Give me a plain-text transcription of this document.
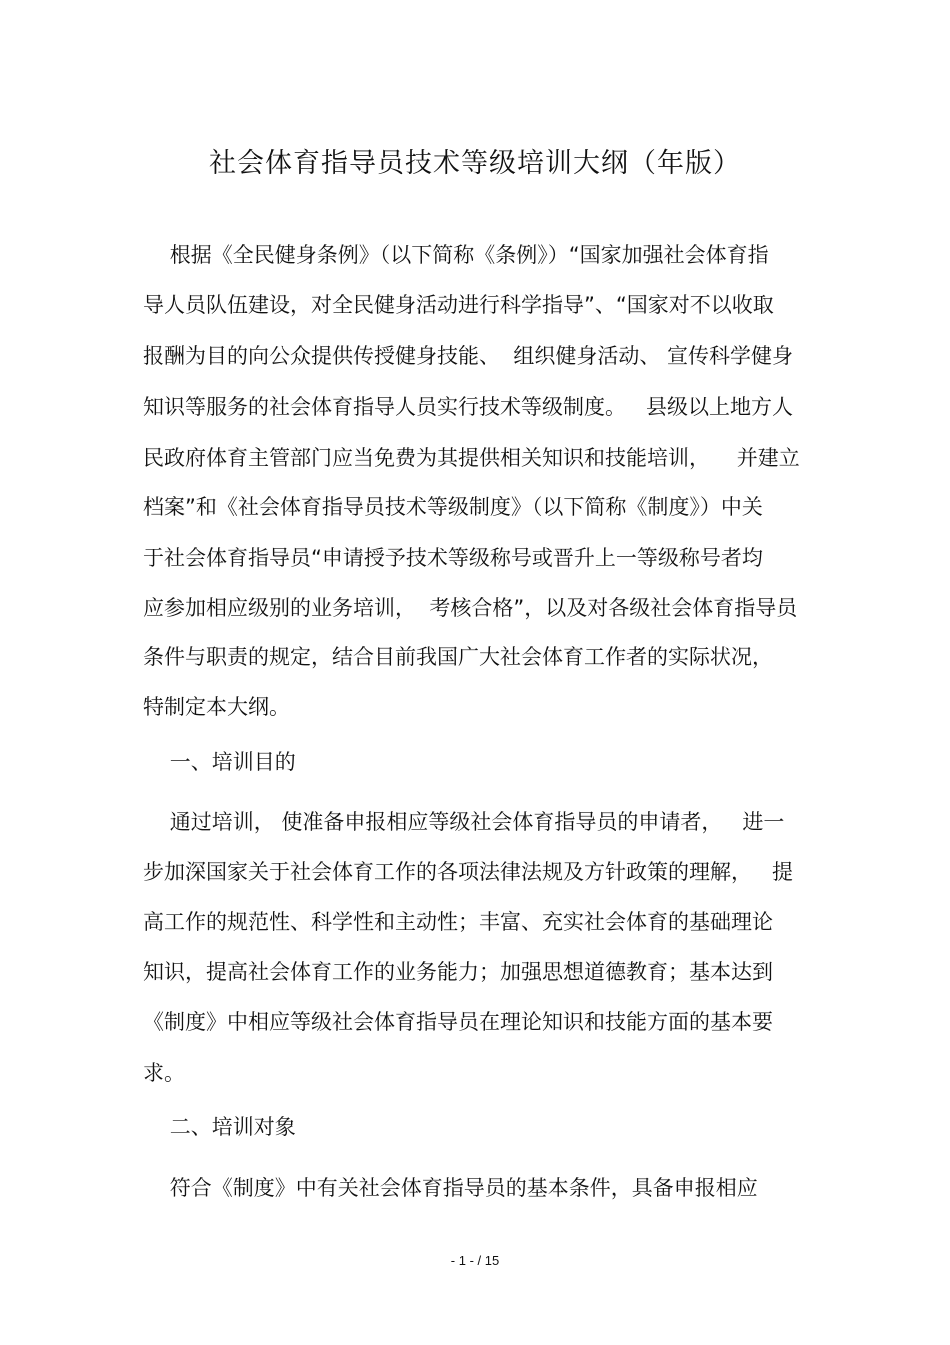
社会体育指导员技术等级培训大纲（年版）

根据《全民健身条例》（以下简称《条例》）“国家加强社会体育指

导人员队伍建设，对全民健身活动进行科学指导”、“国家对不以收取

报酬为目的向公众提供传授健身技能、  组织健身活动、 宣传科学健身

知识等服务的社会体育指导人员实行技术等级制度。   县级以上地方人

民政府体育主管部门应当免费为其提供相关知识和技能培训，    并建立

档案”和《社会体育指导员技术等级制度》（以下简称《制度》）中关

于社会体育指导员“申请授予技术等级称号或晋升上一等级称号者均

应参加相应级别的业务培训，  考核合格”，以及对各级社会体育指导员

条件与职责的规定，结合目前我国广大社会体育工作者的实际状况，

特制定本大纲。

一、培训目的

通过培训， 使准备申报相应等级社会体育指导员的申请者，   进一

步加深国家关于社会体育工作的各项法律法规及方针政策的理解，   提

高工作的规范性、科学性和主动性；丰富、充实社会体育的基础理论

知识，提高社会体育工作的业务能力；加强思想道德教育；基本达到

《制度》中相应等级社会体育指导员在理论知识和技能方面的基本要

求。

二、培训对象

符合《制度》中有关社会体育指导员的基本条件，具备申报相应

- 1 - / 15
